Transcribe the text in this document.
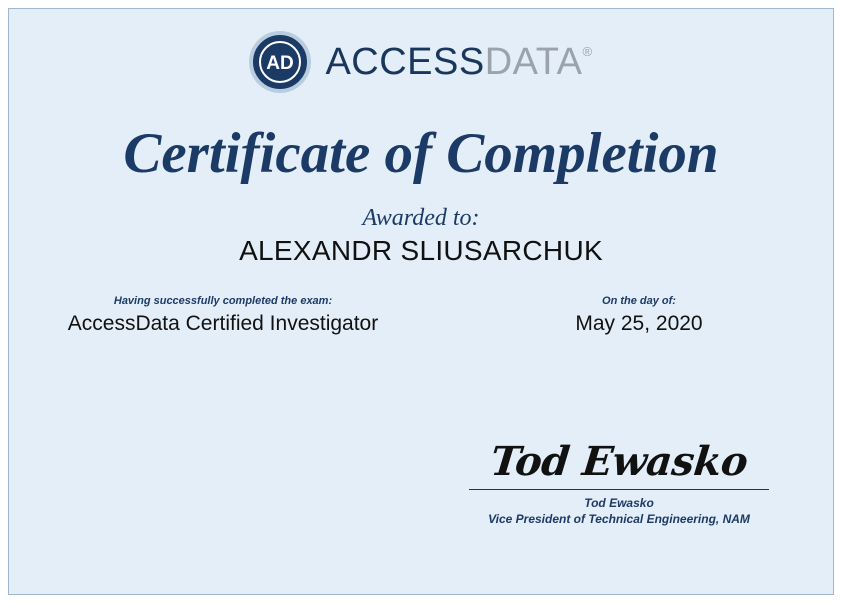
AD ACCESSDATA®
Certificate of Completion
Awarded to:
ALEXANDR SLIUSARCHUK
Having successfully completed the exam:
AccessData Certified Investigator
On the day of:
May 25, 2020
Tod Ewasko
Tod Ewasko
Vice President of Technical Engineering, NAM
